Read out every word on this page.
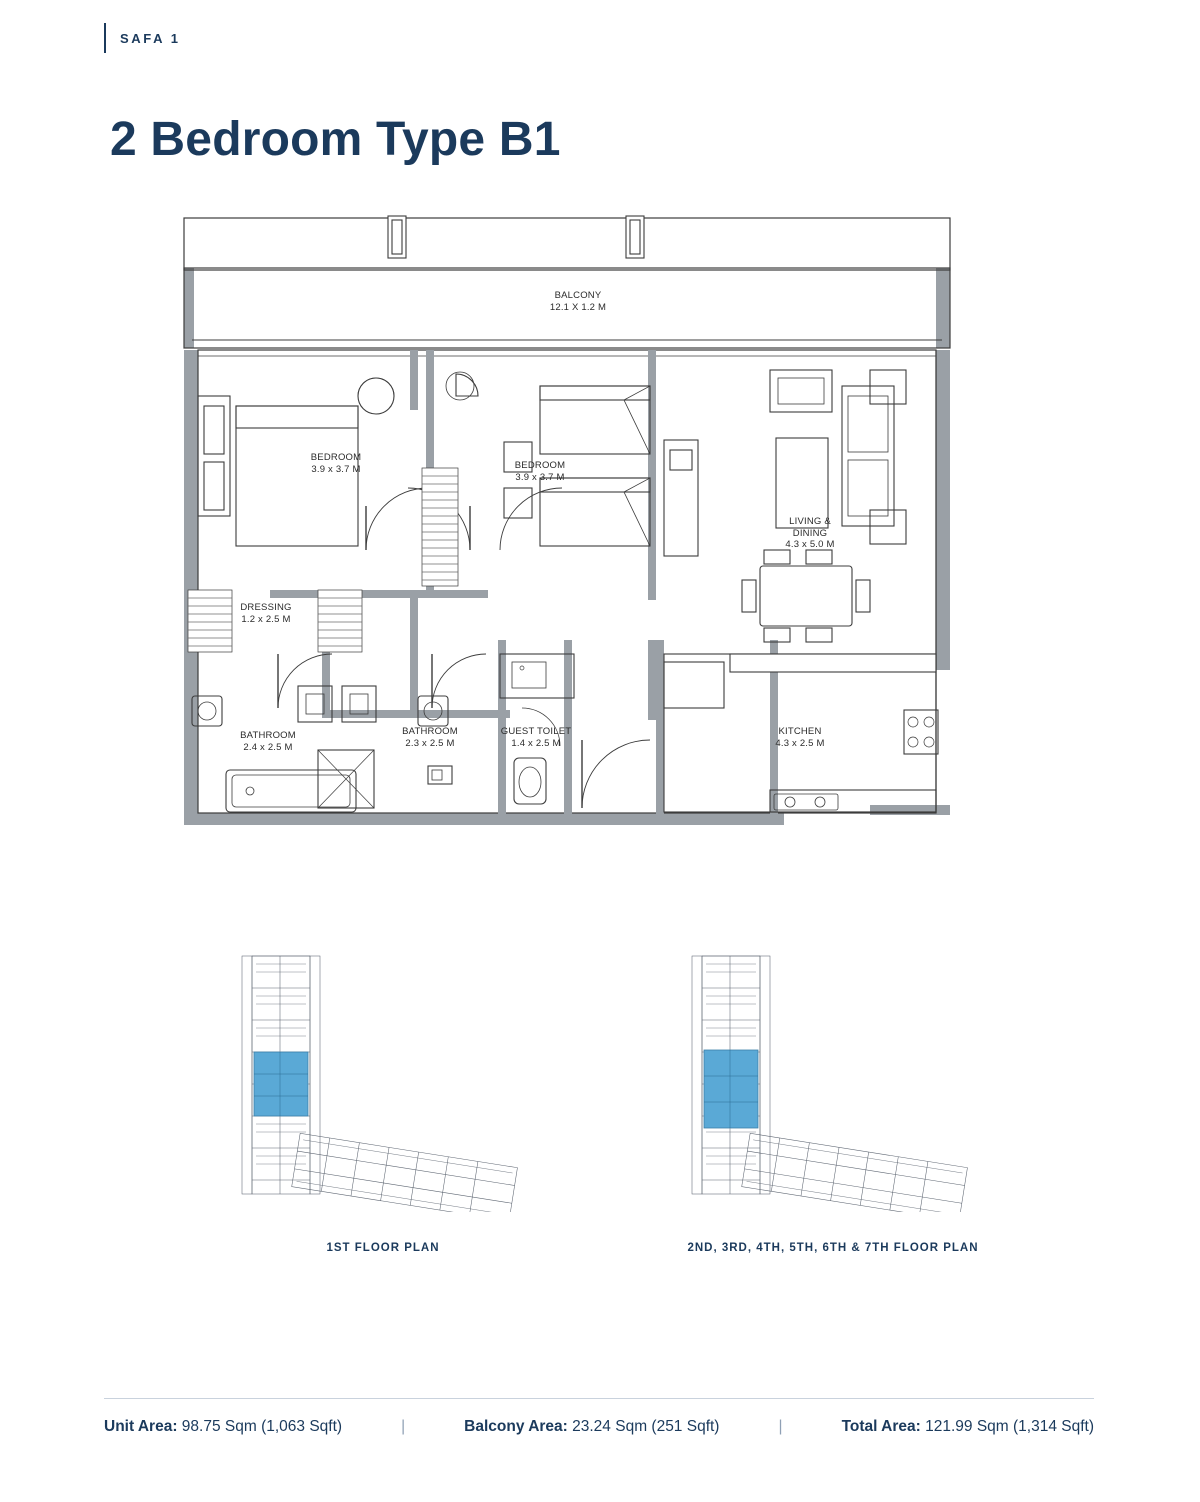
SAFA 1
2 Bedroom Type B1
BALCONY
12.1 X 1.2 M
BEDROOM
3.9 x 3.7 M	BEDROOM
3.9 x 3.7 M
LIVING &
DINING
4.3 x 5.0 M
DRESSING
1.2 x 2.5 M
BATHROOM
2.4 x 2.5 M
BATHROOM
2.3 x 2.5 M
GUEST TOILET
1.4 x 2.5 M
KITCHEN
4.3 x 2.5 M
1ST FLOOR PLAN	2ND, 3RD, 4TH, 5TH, 6TH & 7TH FLOOR PLAN
Unit Area: 98.75 Sqm (1,063 Sqft)	|	Balcony Area: 23.24 Sqm (251 Sqft)	|	Total Area: 121.99 Sqm (1,314 Sqft)
